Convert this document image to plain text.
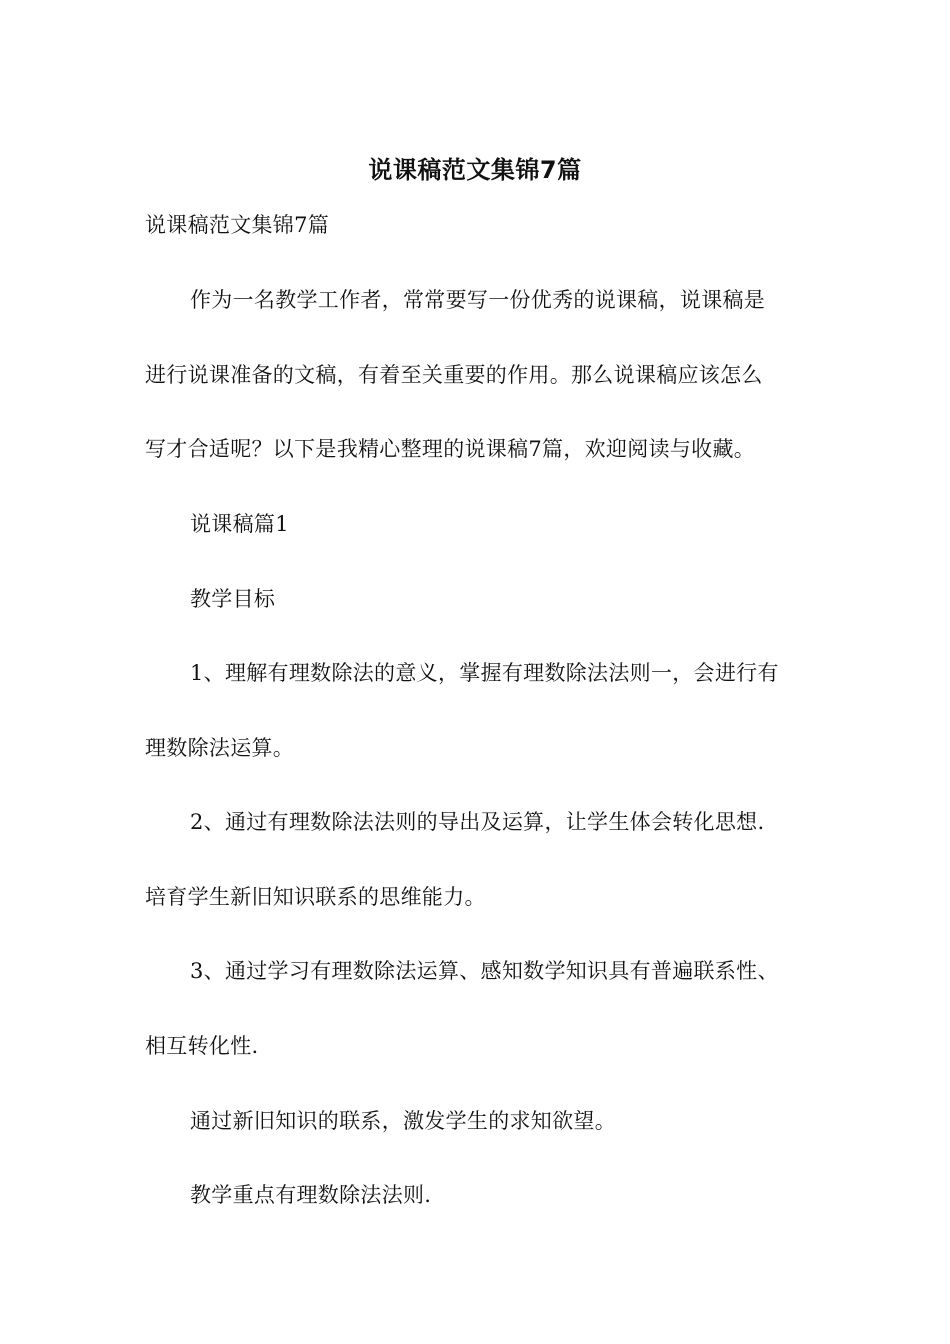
说课稿范文集锦7篇
说课稿范文集锦7篇
作为一名教学工作者，常常要写一份优秀的说课稿，说课稿是
进行说课准备的文稿，有着至关重要的作用。那么说课稿应该怎么
写才合适呢？以下是我精心整理的说课稿7篇，欢迎阅读与收藏。
说课稿篇1
教学目标
1、理解有理数除法的意义，掌握有理数除法法则一，会进行有
理数除法运算。
2、通过有理数除法法则的导出及运算，让学生体会转化思想.
培育学生新旧知识联系的思维能力。
3、通过学习有理数除法运算、感知数学知识具有普遍联系性、
相互转化性.
通过新旧知识的联系，激发学生的求知欲望。
教学重点有理数除法法则.
